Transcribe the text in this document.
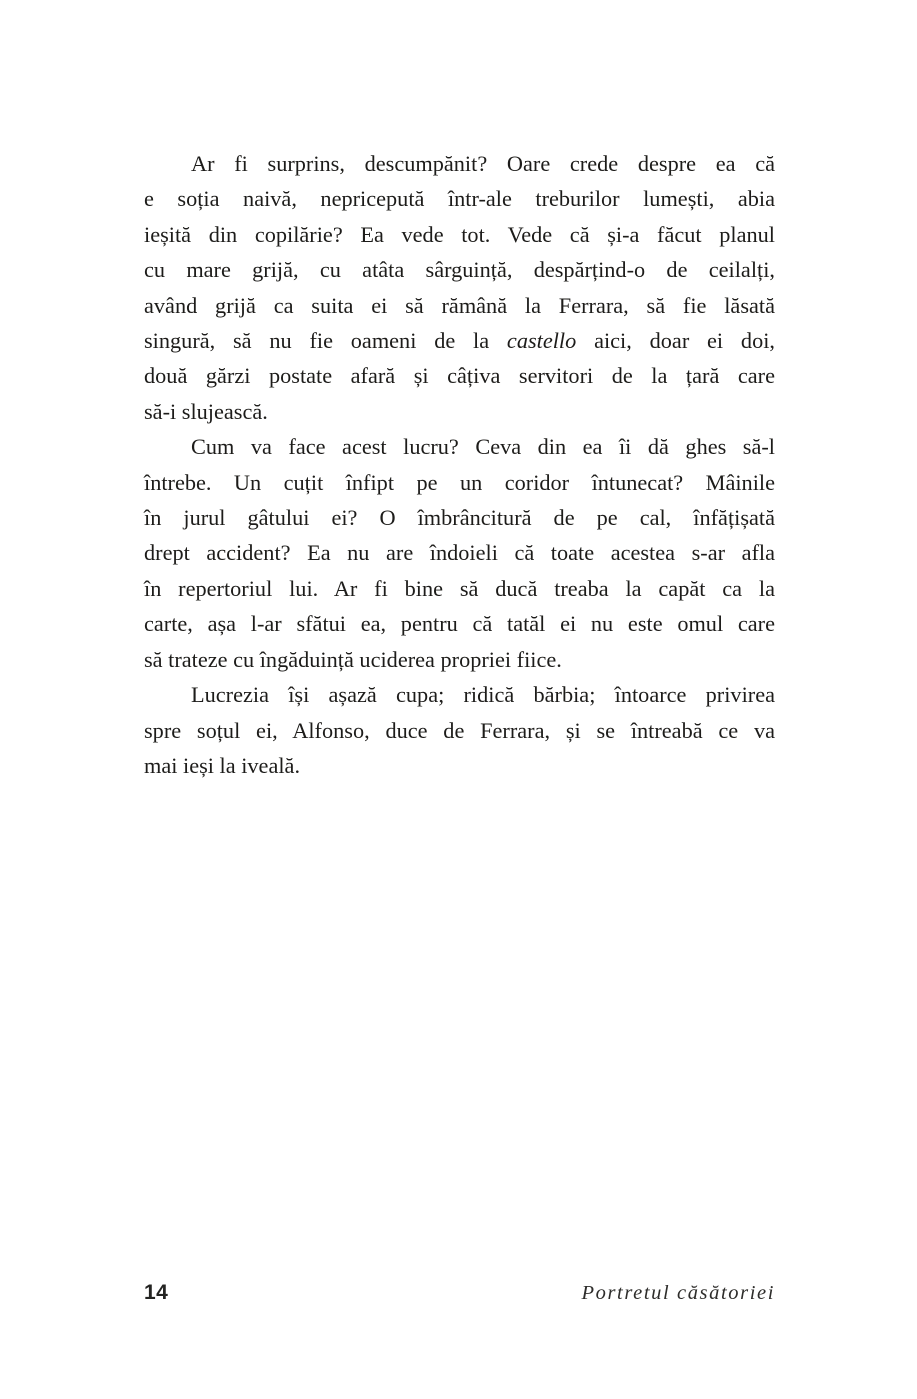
Ar fi surprins, descumpănit? Oare crede despre ea că
e soția naivă, nepricepută într-ale treburilor lumești, abia
ieșită din copilărie? Ea vede tot. Vede că și-a făcut planul
cu mare grijă, cu atâta sârguință, despărțind-o de ceilalți,
având grijă ca suita ei să rămână la Ferrara, să fie lăsată
singură, să nu fie oameni de la castello aici, doar ei doi,
două gărzi postate afară și câțiva servitori de la țară care
să-i slujească.
Cum va face acest lucru? Ceva din ea îi dă ghes să-l
întrebe. Un cuțit înfipt pe un coridor întunecat? Mâinile
în jurul gâtului ei? O îmbrâncitură de pe cal, înfățișată
drept accident? Ea nu are îndoieli că toate acestea s-ar afla
în repertoriul lui. Ar fi bine să ducă treaba la capăt ca la
carte, așa l-ar sfătui ea, pentru că tatăl ei nu este omul care
să trateze cu îngăduință uciderea propriei fiice.
Lucrezia își așază cupa; ridică bărbia; întoarce privirea
spre soțul ei, Alfonso, duce de Ferrara, și se întreabă ce va
mai ieși la iveală.
14	Portretul căsătoriei
